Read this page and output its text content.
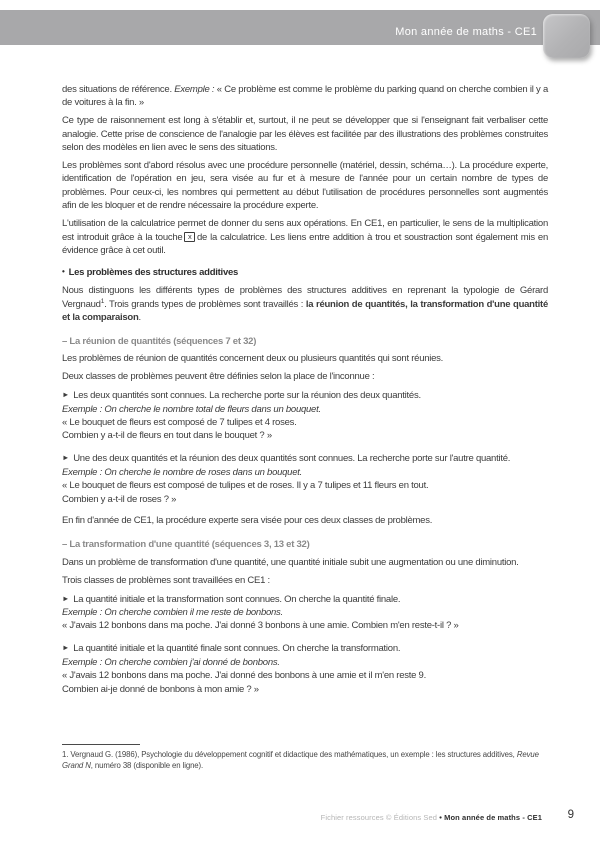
Mon année de maths - CE1

des situations de référence. Exemple : « Ce problème est comme le problème du parking quand on cherche combien il y a de voitures à la fin. »

Ce type de raisonnement est long à s'établir et, surtout, il ne peut se développer que si l'enseignant fait verbaliser cette analogie. Cette prise de conscience de l'analogie par les élèves est facilitée par des illustrations des problèmes construites selon des modèles en lien avec le sens des situations.

Les problèmes sont d'abord résolus avec une procédure personnelle (matériel, dessin, schéma…). La procédure experte, identification de l'opération en jeu, sera visée au fur et à mesure de l'année pour un certain nombre de types de problèmes. Pour ceux-ci, les nombres qui permettent au début l'utilisation de procédures personnelles sont augmentés afin de les bloquer et de rendre nécessaire la procédure experte.

L'utilisation de la calculatrice permet de donner du sens aux opérations. En CE1, en particulier, le sens de la multiplication est introduit grâce à la touche x de la calculatrice. Les liens entre addition à trou et soustraction sont également mis en évidence grâce à cet outil.

• Les problèmes des structures additives

Nous distinguons les différents types de problèmes des structures additives en reprenant la typologie de Gérard Vergnaud$^1$. Trois grands types de problèmes sont travaillés : la réunion de quantités, la transformation d'une quantité et la comparaison.

– La réunion de quantités (séquences 7 et 32)

Les problèmes de réunion de quantités concernent deux ou plusieurs quantités qui sont réunies.

Deux classes de problèmes peuvent être définies selon la place de l'inconnue :

► Les deux quantités sont connues. La recherche porte sur la réunion des deux quantités.
Exemple : On cherche le nombre total de fleurs dans un bouquet.
« Le bouquet de fleurs est composé de 7 tulipes et 4 roses.
Combien y a-t-il de fleurs en tout dans le bouquet ? »

► Une des deux quantités et la réunion des deux quantités sont connues. La recherche porte sur l'autre quantité.
Exemple : On cherche le nombre de roses dans un bouquet.
« Le bouquet de fleurs est composé de tulipes et de roses. Il y a 7 tulipes et 11 fleurs en tout.
Combien y a-t-il de roses ? »

En fin d'année de CE1, la procédure experte sera visée pour ces deux classes de problèmes.

– La transformation d'une quantité (séquences 3, 13 et 32)

Dans un problème de transformation d'une quantité, une quantité initiale subit une augmentation ou une diminution.

Trois classes de problèmes sont travaillées en CE1 :

► La quantité initiale et la transformation sont connues. On cherche la quantité finale.
Exemple : On cherche combien il me reste de bonbons.
« J'avais 12 bonbons dans ma poche. J'ai donné 3 bonbons à une amie. Combien m'en reste-t-il ? »

► La quantité initiale et la quantité finale sont connues. On cherche la transformation.
Exemple : On cherche combien j'ai donné de bonbons.
« J'avais 12 bonbons dans ma poche. J'ai donné des bonbons à une amie et il m'en reste 9.
Combien ai-je donné de bonbons à mon amie ? »

1. Vergnaud G. (1986), Psychologie du développement cognitif et didactique des mathématiques, un exemple : les structures additives, Revue Grand N, numéro 38 (disponible en ligne).
Fichier ressources © Éditions Sed • Mon année de maths - CE1 9
